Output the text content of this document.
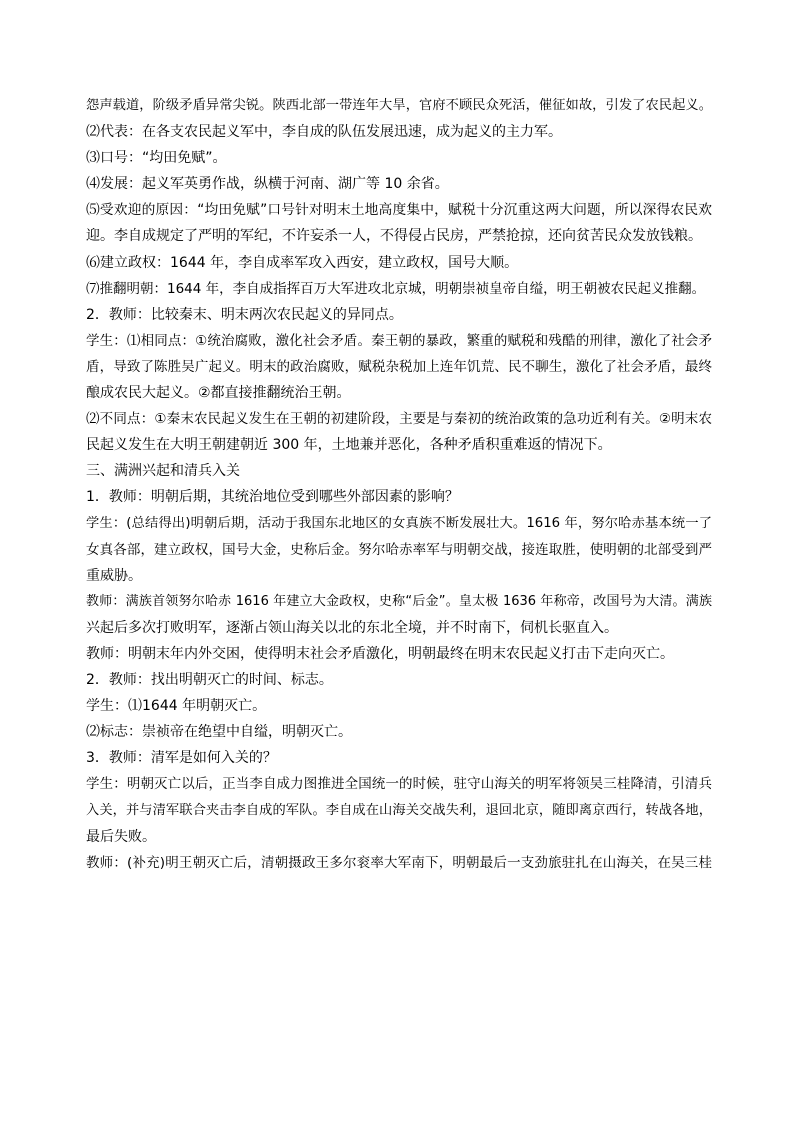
怨声载道，阶级矛盾异常尖锐。陕西北部一带连年大旱，官府不顾民众死活，催征如故，引发了农民起义。
⑵代表：在各支农民起义军中，李自成的队伍发展迅速，成为起义的主力军。
⑶口号：“均田免赋”。
⑷发展：起义军英勇作战，纵横于河南、湖广等 10 余省。
⑸受欢迎的原因：“均田免赋”口号针对明末土地高度集中，赋税十分沉重这两大问题，所以深得农民欢
迎。李自成规定了严明的军纪，不许妄杀一人，不得侵占民房，严禁抢掠，还向贫苦民众发放钱粮。
⑹建立政权：1644 年，李自成率军攻入西安，建立政权，国号大顺。
⑺推翻明朝：1644 年，李自成指挥百万大军进攻北京城，明朝崇祯皇帝自缢，明王朝被农民起义推翻。
2．教师：比较秦末、明末两次农民起义的异同点。
学生：⑴相同点：①统治腐败，激化社会矛盾。秦王朝的暴政，繁重的赋税和残酷的刑律，激化了社会矛
盾，导致了陈胜吴广起义。明末的政治腐败，赋税杂税加上连年饥荒、民不聊生，激化了社会矛盾，最终
酿成农民大起义。②都直接推翻统治王朝。
⑵不同点：①秦末农民起义发生在王朝的初建阶段，主要是与秦初的统治政策的急功近利有关。②明末农
民起义发生在大明王朝建朝近 300 年，土地兼并恶化，各种矛盾积重难返的情况下。
三、满洲兴起和清兵入关
1．教师：明朝后期，其统治地位受到哪些外部因素的影响？
学生：(总结得出)明朝后期，活动于我国东北地区的女真族不断发展壮大。1616 年，努尔哈赤基本统一了
女真各部，建立政权，国号大金，史称后金。努尔哈赤率军与明朝交战，接连取胜，使明朝的北部受到严
重威胁。
教师：满族首领努尔哈赤 1616 年建立大金政权，史称“后金”。皇太极 1636 年称帝，改国号为大清。满族
兴起后多次打败明军，逐渐占领山海关以北的东北全境，并不时南下，伺机长驱直入。
教师：明朝末年内外交困，使得明末社会矛盾激化，明朝最终在明末农民起义打击下走向灭亡。
2．教师：找出明朝灭亡的时间、标志。
学生：⑴1644 年明朝灭亡。
⑵标志：崇祯帝在绝望中自缢，明朝灭亡。
3．教师：清军是如何入关的？
学生：明朝灭亡以后，正当李自成力图推进全国统一的时候，驻守山海关的明军将领吴三桂降清，引清兵
入关，并与清军联合夹击李自成的军队。李自成在山海关交战失利，退回北京，随即离京西行，转战各地，
最后失败。
教师：(补充)明王朝灭亡后，清朝摄政王多尔衮率大军南下，明朝最后一支劲旅驻扎在山海关，在吴三桂
